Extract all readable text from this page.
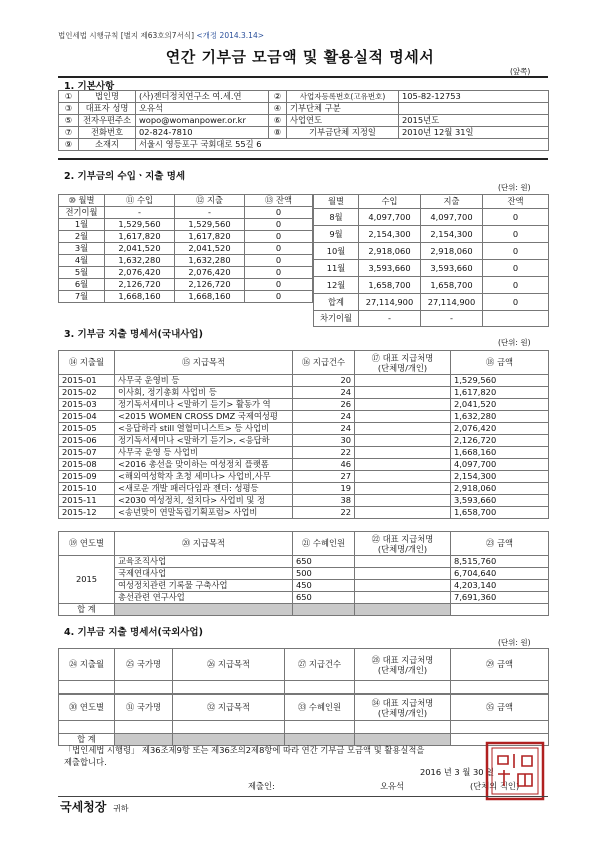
법인세법 시행규칙 [별지 제63호의7서식] <개정 2014.3.14>
연간 기부금 모금액 및 활용실적 명세서
(앞쪽)
1. 기본사항
①	법인명	(사)젠더정치연구소 여.세.연	②	사업자등록번호(고유번호)	105-82-12753
③	대표자 성명	오유석	④	기부단체 구분	
⑤	전자우편주소	wopo@womanpower.or.kr	⑥	사업연도	2015년도
⑦	전화번호	02-824-7810	⑧	기부금단체 지정일	2010년 12월 31일
⑨	소재지	서울시 영등포구 국회대로 55길 6			
2. 기부금의 수입ㆍ지출 명세
(단위: 원)
⑩ 월별	⑪ 수입	⑫ 지출	⑬ 잔액
전기이월	-	-	0
1월	1,529,560	1,529,560	0
2월	1,617,820	1,617,820	0
3월	2,041,520	2,041,520	0
4월	1,632,280	1,632,280	0
5월	2,076,420	2,076,420	0
6월	2,126,720	2,126,720	0
7월	1,668,160	1,668,160	0
월별	수입	지출	잔액
8월	4,097,700	4,097,700	0
9월	2,154,300	2,154,300	0
10월	2,918,060	2,918,060	0
11월	3,593,660	3,593,660	0
12월	1,658,700	1,658,700	0
합계	27,114,900	27,114,900	0
차기이월	-	-	
3. 기부금 지출 명세서(국내사업)
(단위: 원)
⑭ 지출월	⑮ 지급목적	⑯ 지급건수	⑰ 대표 지급처명
(단체명/개인)	⑱ 금액
2015-01	사무국 운영비 등	20		1,529,560
2015-02	이사회, 정기총회 사업비 등	24		1,617,820
2015-03	정기독서세미나 <말하기 듣기> 활동가 역	26		2,041,520
2015-04	<2015 WOMEN CROSS DMZ 국제여성평	24		1,632,280
2015-05	<응답하라 still 열혈미니스트> 등 사업비	24		2,076,420
2015-06	정기독서세미나 <말하기 듣기>, <응답하	30		2,126,720
2015-07	사무국 운영 등 사업비	22		1,668,160
2015-08	<2016 총선을 맞이하는 여성정치 플랫폼	46		4,097,700
2015-09	<해외여성학자 초청 세미나> 사업비,사무	27		2,154,300
2015-10	<새로운 개발 패러다임과 젠더: 성평등	19		2,918,060
2015-11	<2030 여성정치, 설치다> 사업비 및 정	38		3,593,660
2015-12	<송년맞이 연말독립기획포럼> 사업비	22		1,658,700
⑲ 연도별	⑳ 지급목적	㉑ 수혜인원	㉒ 대표 지급처명
(단체명/개인)	㉓ 금액
2015	교육조직사업	650		8,515,760
	국제연대사업	500		6,704,640
	여성정치관련 기록물 구축사업	450		4,203,140
	총선관련 연구사업	650		7,691,360
합 계				
4. 기부금 지출 명세서(국외사업)
(단위: 원)
㉔ 지출월	㉕ 국가명	㉖ 지급목적	㉗ 지급건수	㉘ 대표 지급처명
(단체명/개인)	㉙ 금액

㉚ 연도별	㉛ 국가명	㉜ 지급목적	㉝ 수혜인원	㉞ 대표 지급처명
(단체명/개인)	㉟ 금액

합 계					
「법인세법 시행령」 제36조제9항 또는 제36조의2제8항에 따라 연간 기부금 모금액 및 활용실적을
제출합니다.
2016 년 3 월 30 일
제출인:	오유석	(단체의 직인)
국세청장 귀하
